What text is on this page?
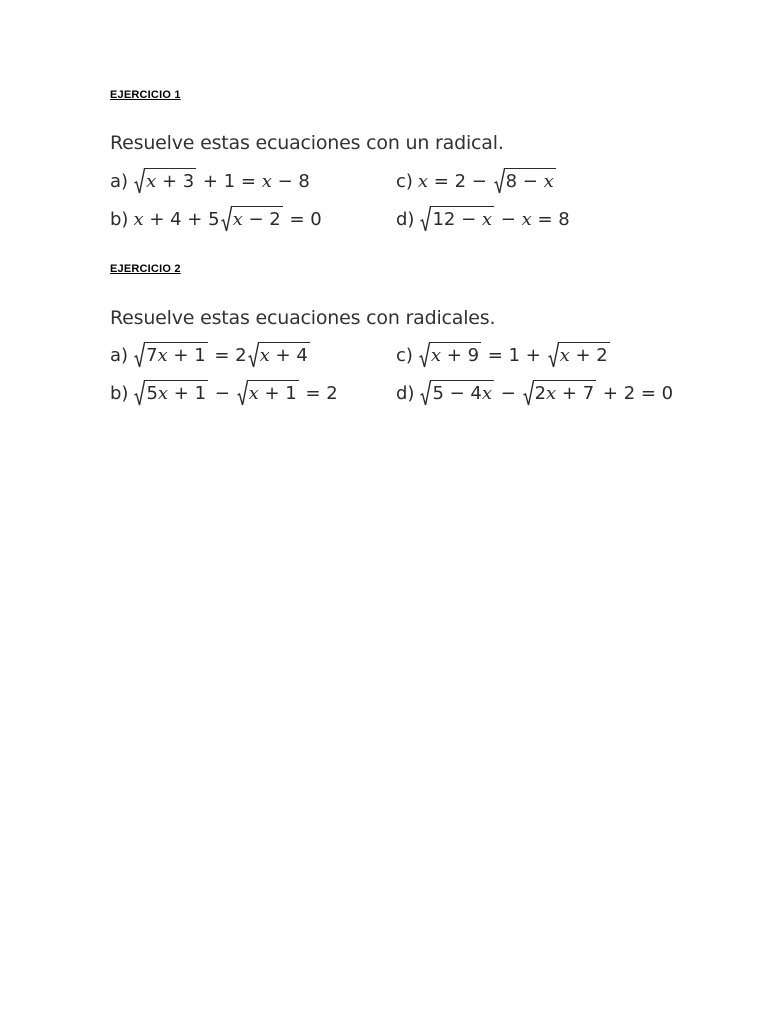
EJERCICIO 1

Resuelve estas ecuaciones con un radical.

a) x + 3 + 1 = x − 8	c) x = 2 − 8 − x
b) x + 4 + 5 x − 2 = 0	d) 12 − x − x = 8
EJERCICIO 2

Resuelve estas ecuaciones con radicales.

a) 7x + 1 = 2 x + 4	c) x + 9 = 1 + x + 2
b) 5x + 1 − x + 1 = 2	d) 5 − 4x − 2x + 7 + 2 = 0
